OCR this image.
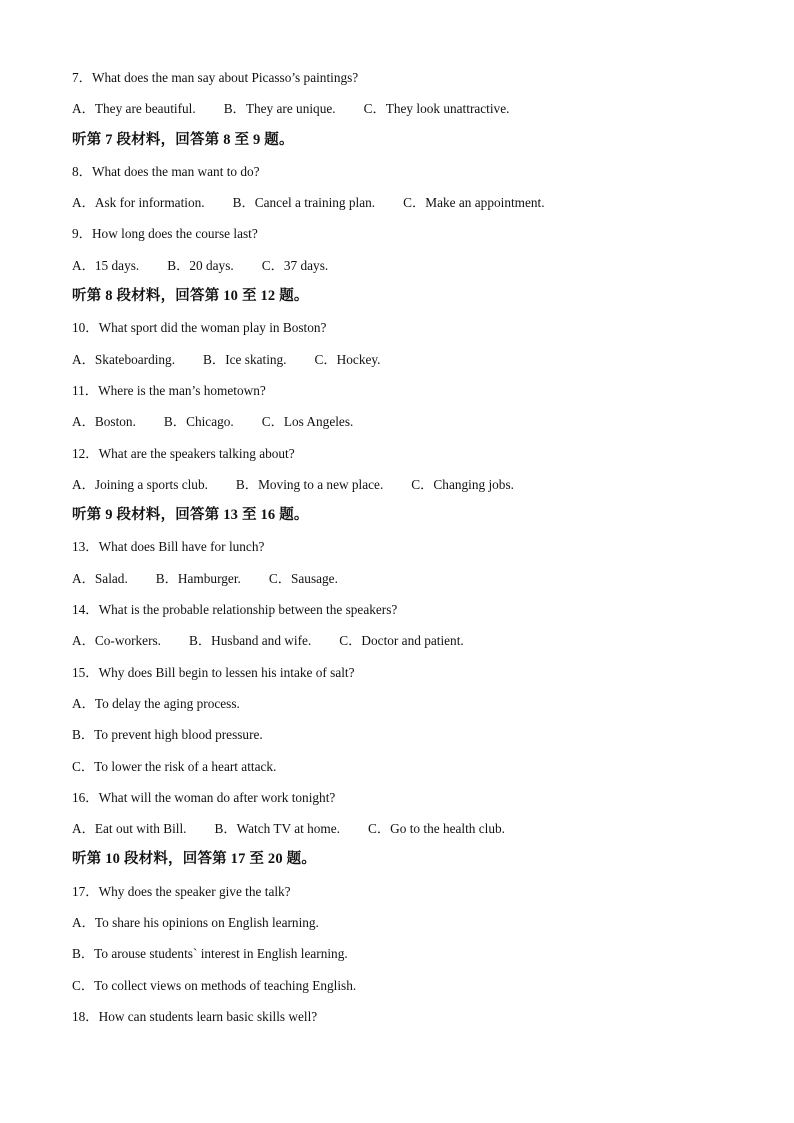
7．What does the man say about Picasso’s paintings?
A．They are beautiful. B．They are unique. C．They look unattractive.
听第 7 段材料，回答第 8 至 9 题。
8．What does the man want to do?
A．Ask for information. B．Cancel a training plan. C．Make an appointment.
9．How long does the course last?
A．15 days. B．20 days. C．37 days.
听第 8 段材料，回答第 10 至 12 题。
10．What sport did the woman play in Boston?
A．Skateboarding. B．Ice skating. C．Hockey.
11．Where is the man’s hometown?
A．Boston. B．Chicago. C．Los Angeles.
12．What are the speakers talking about?
A．Joining a sports club. B．Moving to a new place. C．Changing jobs.
听第 9 段材料，回答第 13 至 16 题。
13．What does Bill have for lunch?
A．Salad. B．Hamburger. C．Sausage.
14．What is the probable relationship between the speakers?
A．Co-workers. B．Husband and wife. C．Doctor and patient.
15．Why does Bill begin to lessen his intake of salt?
A．To delay the aging process.
B．To prevent high blood pressure.
C．To lower the risk of a heart attack.
16．What will the woman do after work tonight?
A．Eat out with Bill. B．Watch TV at home. C．Go to the health club.
听第 10 段材料，回答第 17 至 20 题。
17．Why does the speaker give the talk?
A．To share his opinions on English learning.
B．To arouse students` interest in English learning.
C．To collect views on methods of teaching English.
18．How can students learn basic skills well?
